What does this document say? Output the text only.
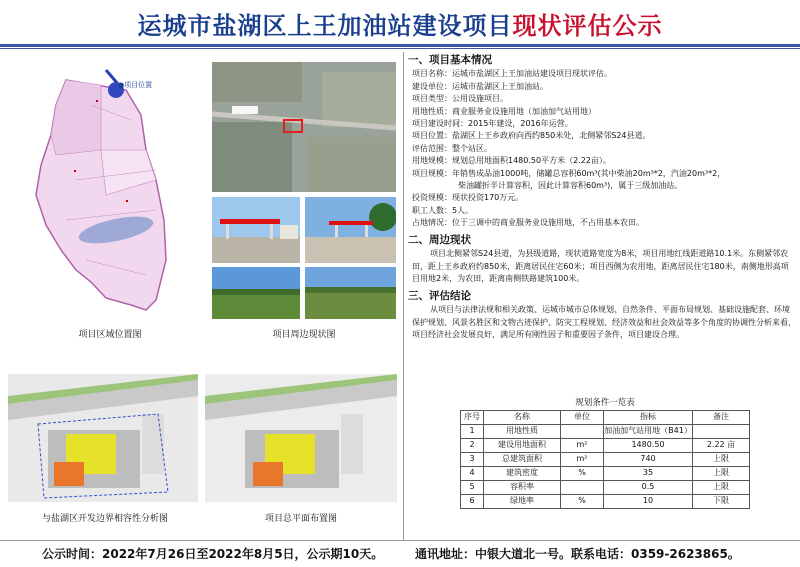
运城市盐湖区上王加油站建设项目现状评估公示
●项目位置
项目区域位置图	项目周边现状图
与盐湖区开发边界相容性分析图	项目总平面布置图
一、项目基本情况
项目名称：运城市盐湖区上王加油站建设项目现状评估。
建设单位：运城市盐湖区上王加油站。
项目类型：公用设施项目。
用地性质：商业服务业设施用地（加油加气站用地）
项目建设时间：2015年建设，2016年运营。
项目位置：盐湖区上王乡政府向西约850米处，北侧紧邻S24县道。
评估范围：整个站区。
用地规模：规划总用地面积1480.50平方米（2.22亩）。
项目规模：年销售成品油1000吨，储罐总容积60m³(其中柴油20m³*2，汽油20m³*2，
柴油罐折半计算容积，因此计算容积60m³)，属于三级加油站。
投资规模：现状投资170万元。
职工人数：5人。
占地情况：位于三调中的商业服务业设施用地，不占用基本农田。
二、周边现状

项目北侧紧邻S24县道，为县级道路，现状道路宽度为8米，项目用地红线距道路10.1米。东侧紧邻农田，距上王乡政府约850米，距离居民住宅60米；项目西侧为农用地，距离居民住宅180米，南侧地形高项目用地2米，为农田，距离南侧铁路建筑100米。

三、评估结论

从项目与法律法规和相关政策、运城市城市总体规划、自然条件、平面布局规划、基础设施配套、环境保护规划、风景名胜区和文物古迹保护、防灾工程规划、经济效益和社会效益等多个角度的协调性分析来看，项目经济社会发展良好，满足所有刚性因子和重要因子条件，项目建设合理。

规划条件一览表
序号	名称	单位	指标	备注
1	用地性质		加油加气站用地（B41）	
2	建设用地面积	m²	1480.50	2.22 亩
3	总建筑面积	m²	740	上限
4	建筑密度	%	35	上限
5	容积率		0.5	上限
6	绿地率	%	10	下限
公示时间：2022年7月26日至2022年8月5日，公示期10天。	通讯地址：中银大道北一号。联系电话：0359-2623865。
